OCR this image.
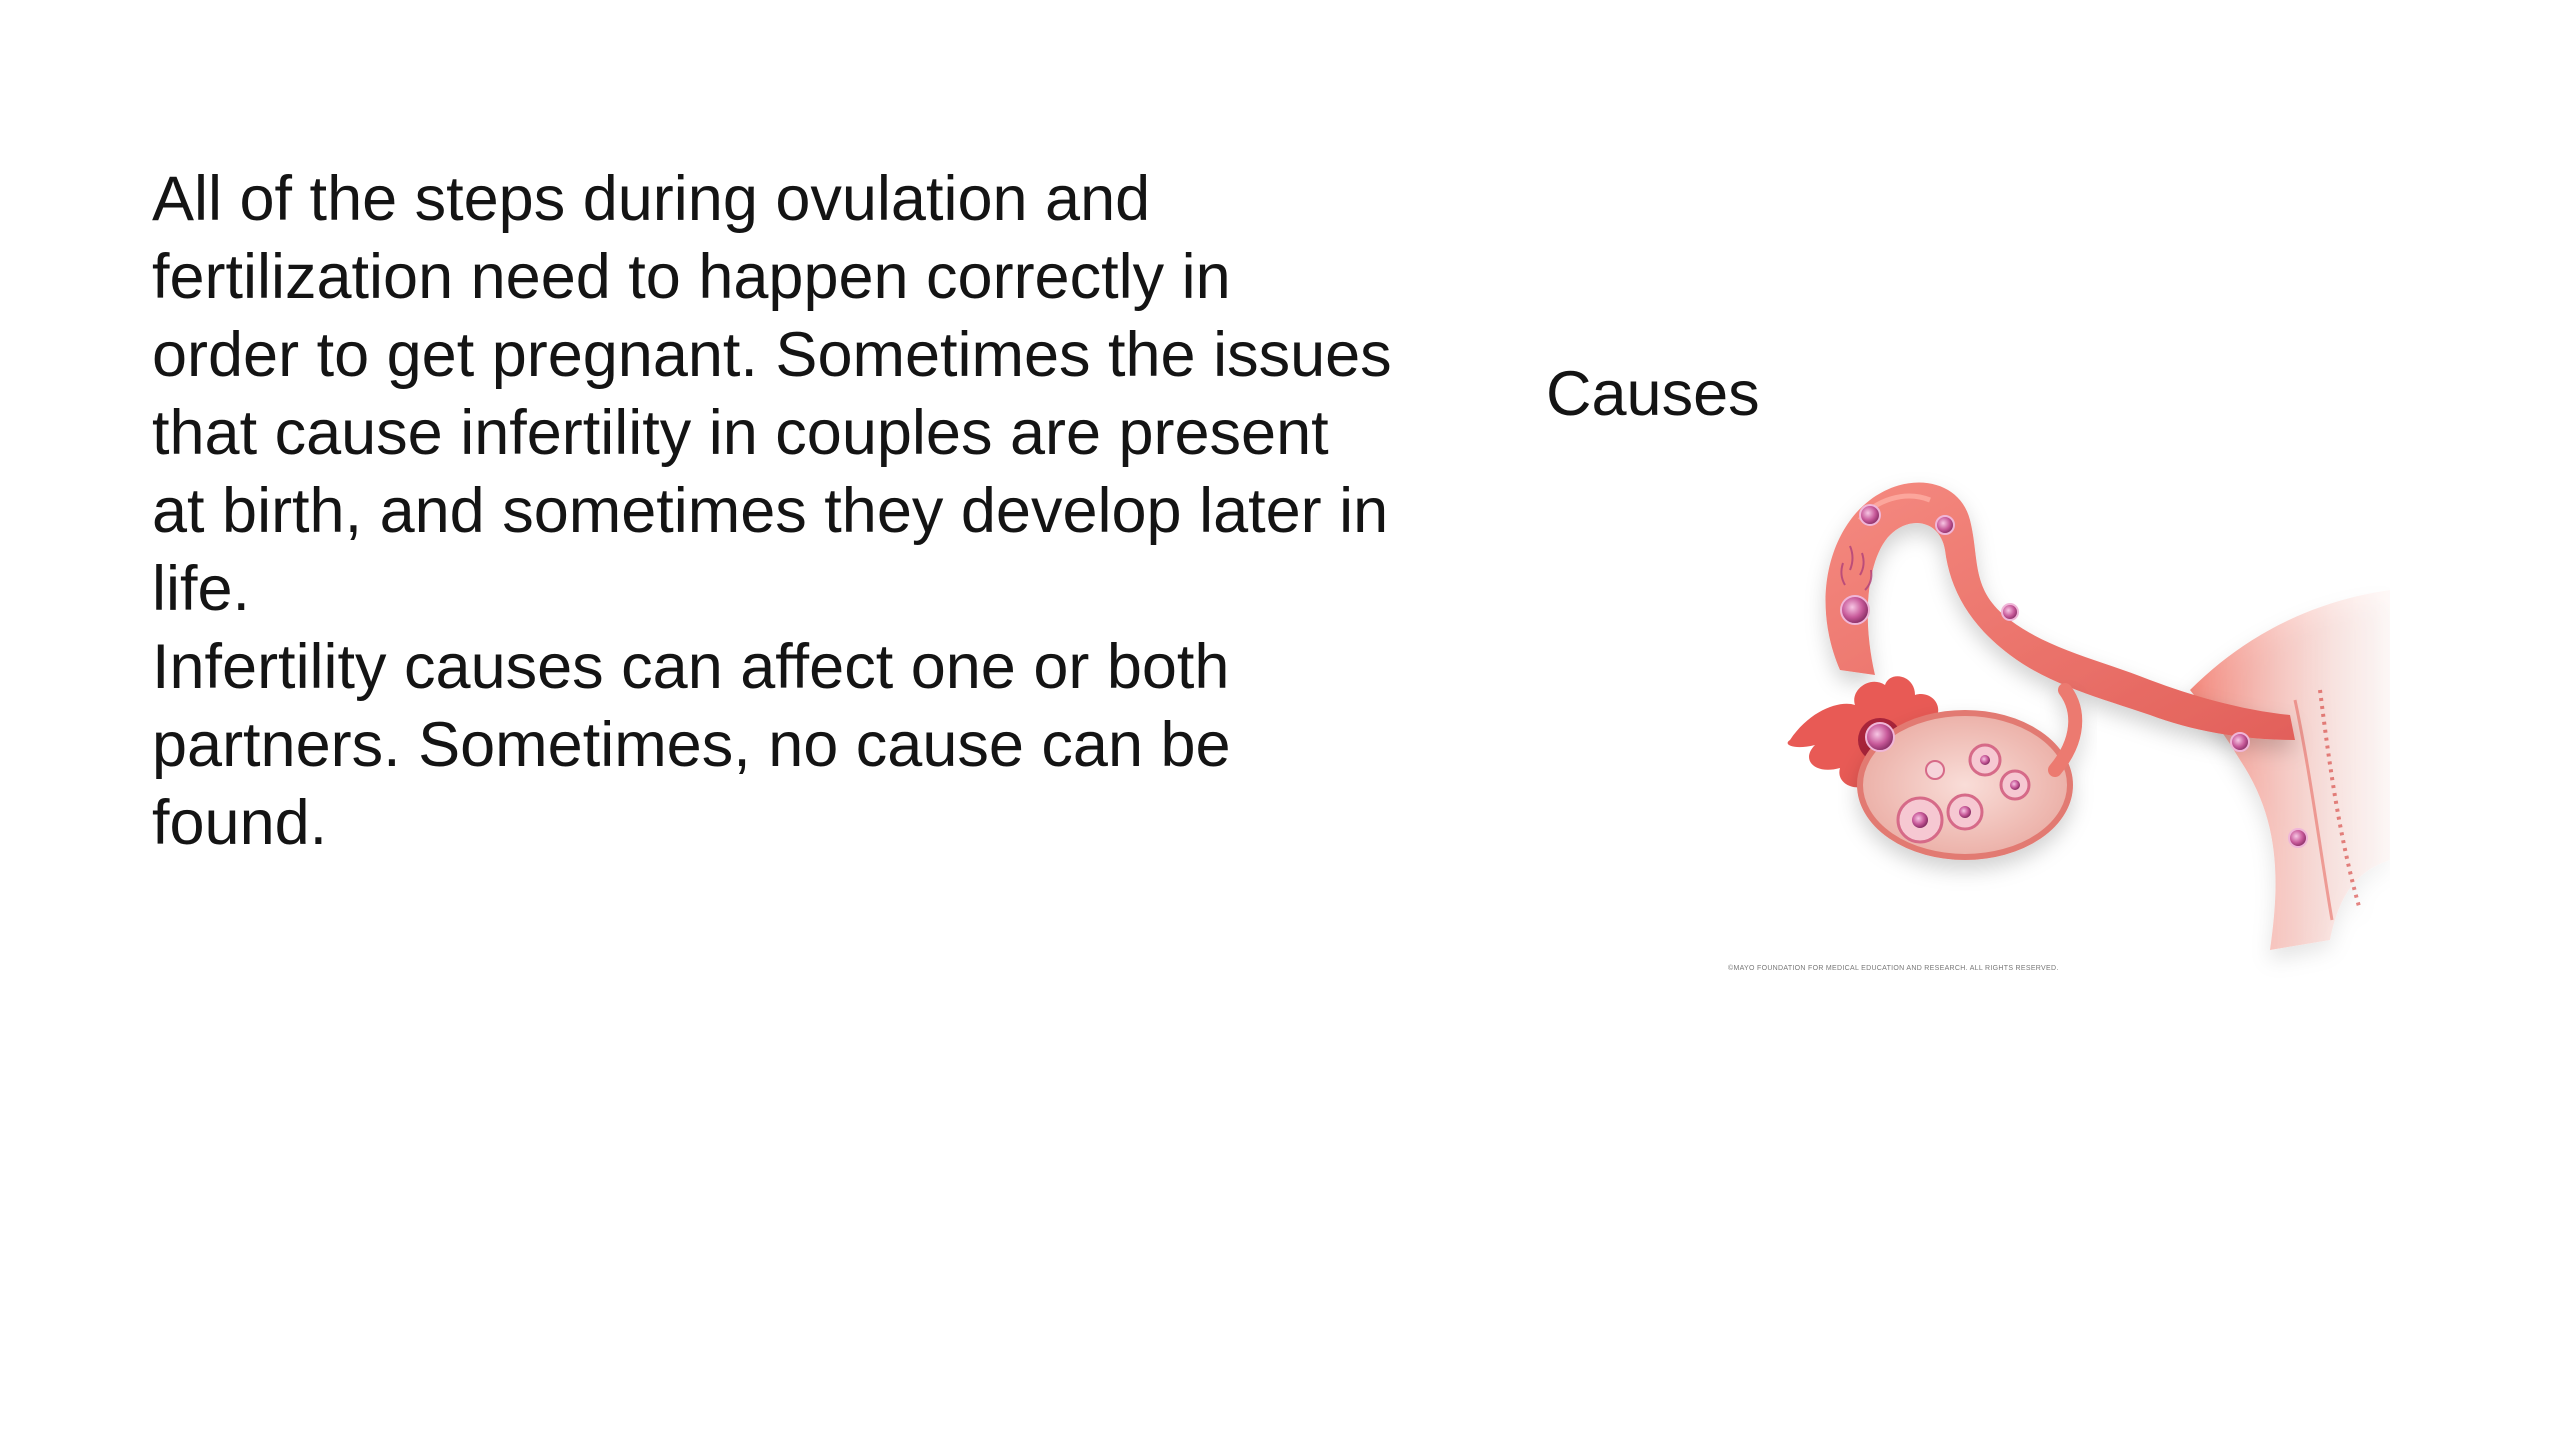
All of the steps during ovulation and fertilization need to happen correctly in order to get pregnant. Sometimes the issues that cause infertility in couples are present at birth, and sometimes they develop later in life.

Infertility causes can affect one or both partners. Sometimes, no cause can be found.

Causes
©MAYO FOUNDATION FOR MEDICAL EDUCATION AND RESEARCH. ALL RIGHTS RESERVED.
